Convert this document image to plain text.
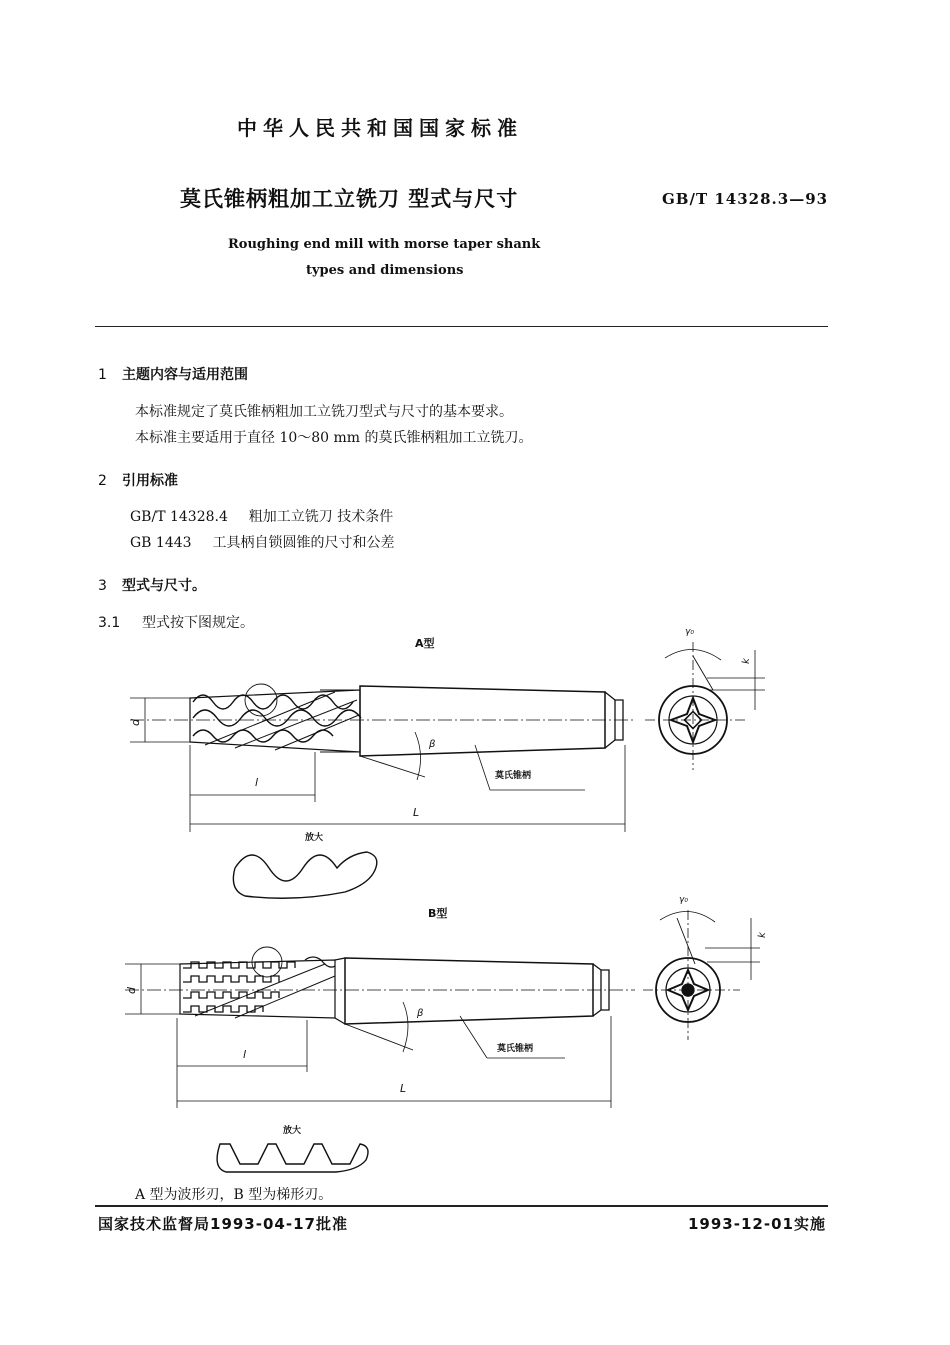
中华人民共和国国家标准
莫氏锥柄粗加工立铣刀 型式与尺寸	GB/T 14328.3—93
Roughing end mill with morse taper shank
types and dimensions
1 主题内容与适用范围
本标准规定了莫氏锥柄粗加工立铣刀型式与尺寸的基本要求。
本标准主要适用于直径 10～80 mm 的莫氏锥柄粗加工立铣刀。
2 引用标准
GB/T 14328.4 粗加工立铣刀 技术条件
GB 1443 工具柄自锁圆锥的尺寸和公差
3 型式与尺寸。
3.1 型式按下图规定。
A型
莫氏锥柄
放大
d
l
L
β
γ₀
k
B型
莫氏锥柄
放大
d
l
L
β
γ₀
k
A 型为波形刃，B 型为梯形刃。
国家技术监督局1993-04-17批准	1993-12-01实施
